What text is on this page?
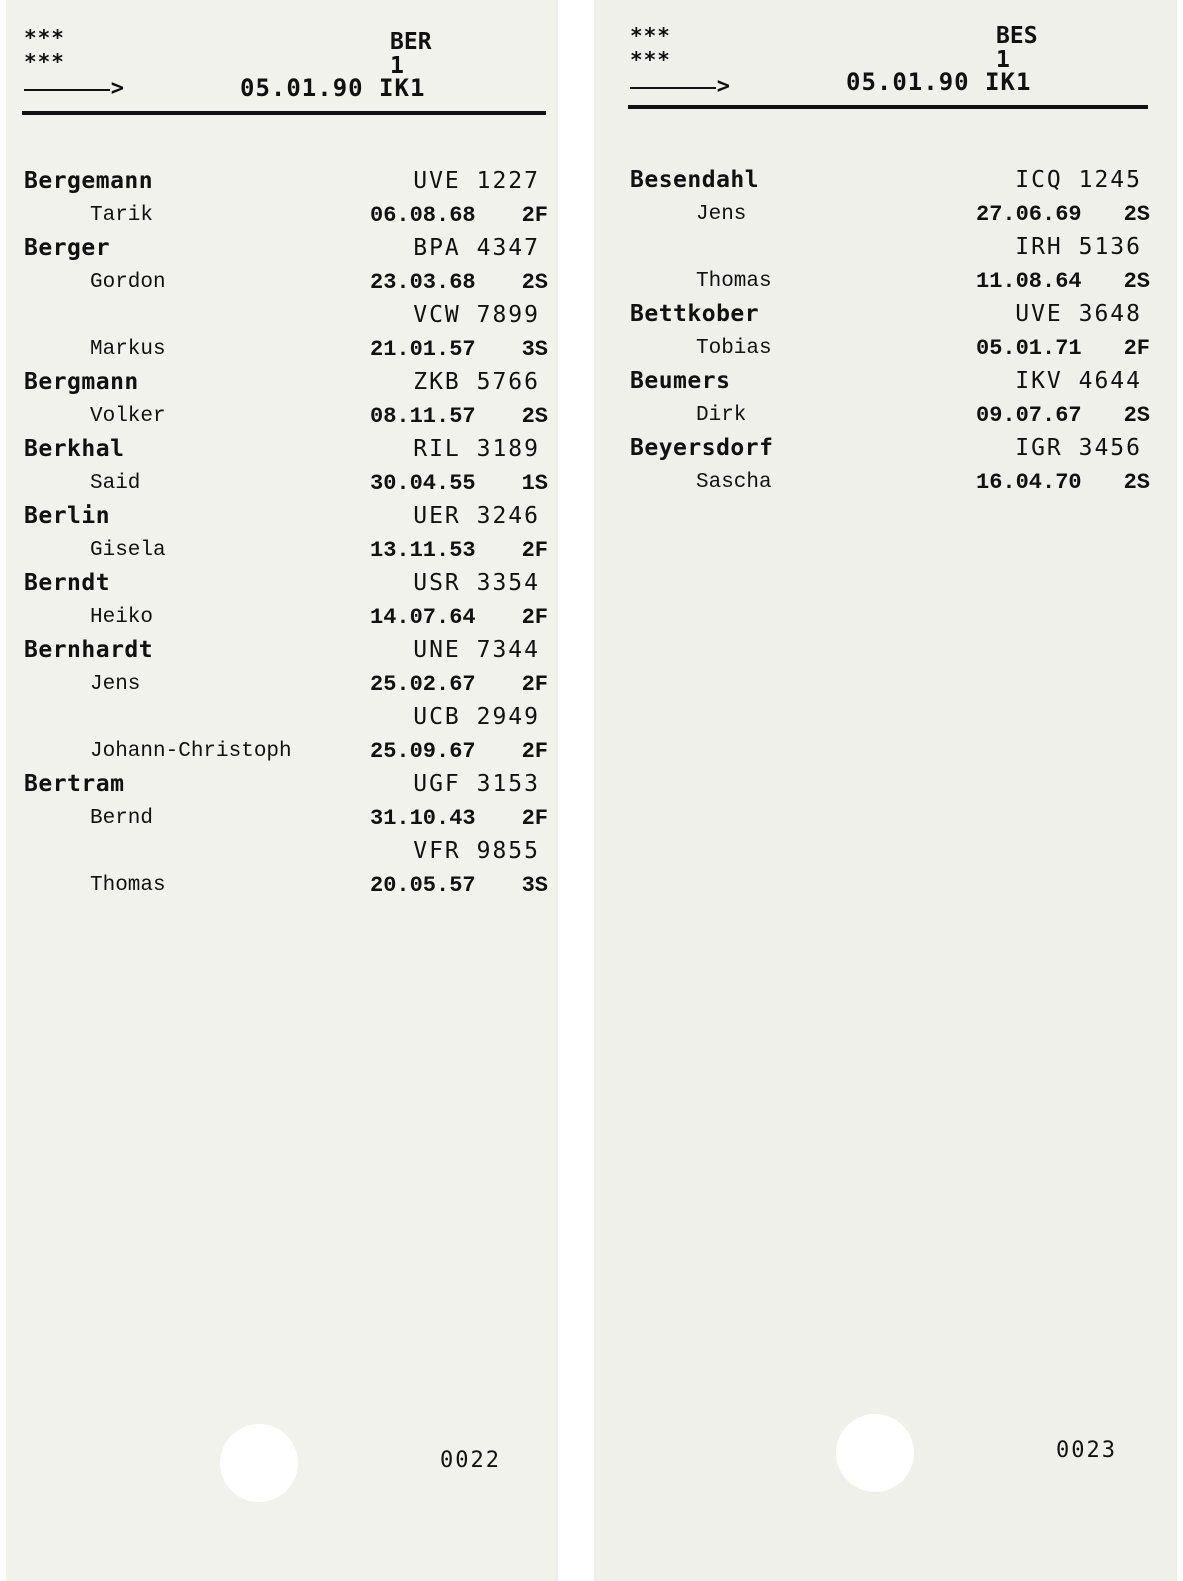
***
***
BER
1
>	05.01.90 IK1
Bergemann	UVE 1227
Tarik	06.08.68 2F
Berger	BPA 4347
Gordon	23.03.68 2S
VCW 7899
Markus	21.01.57 3S
Bergmann	ZKB 5766
Volker	08.11.57 2S
Berkhal	RIL 3189
Said	30.04.55 1S
Berlin	UER 3246
Gisela	13.11.53 2F
Berndt	USR 3354
Heiko	14.07.64 2F
Bernhardt	UNE 7344
Jens	25.02.67 2F
UCB 2949
Johann-Christoph	25.09.67 2F
Bertram	UGF 3153
Bernd	31.10.43 2F
VFR 9855
Thomas	20.05.57 3S
0022
***
***
BES
1
>	05.01.90 IK1
Besendahl	ICQ 1245
Jens	27.06.69 2S
IRH 5136
Thomas	11.08.64 2S
Bettkober	UVE 3648
Tobias	05.01.71 2F
Beumers	IKV 4644
Dirk	09.07.67 2S
Beyersdorf	IGR 3456
Sascha	16.04.70 2S
0023
